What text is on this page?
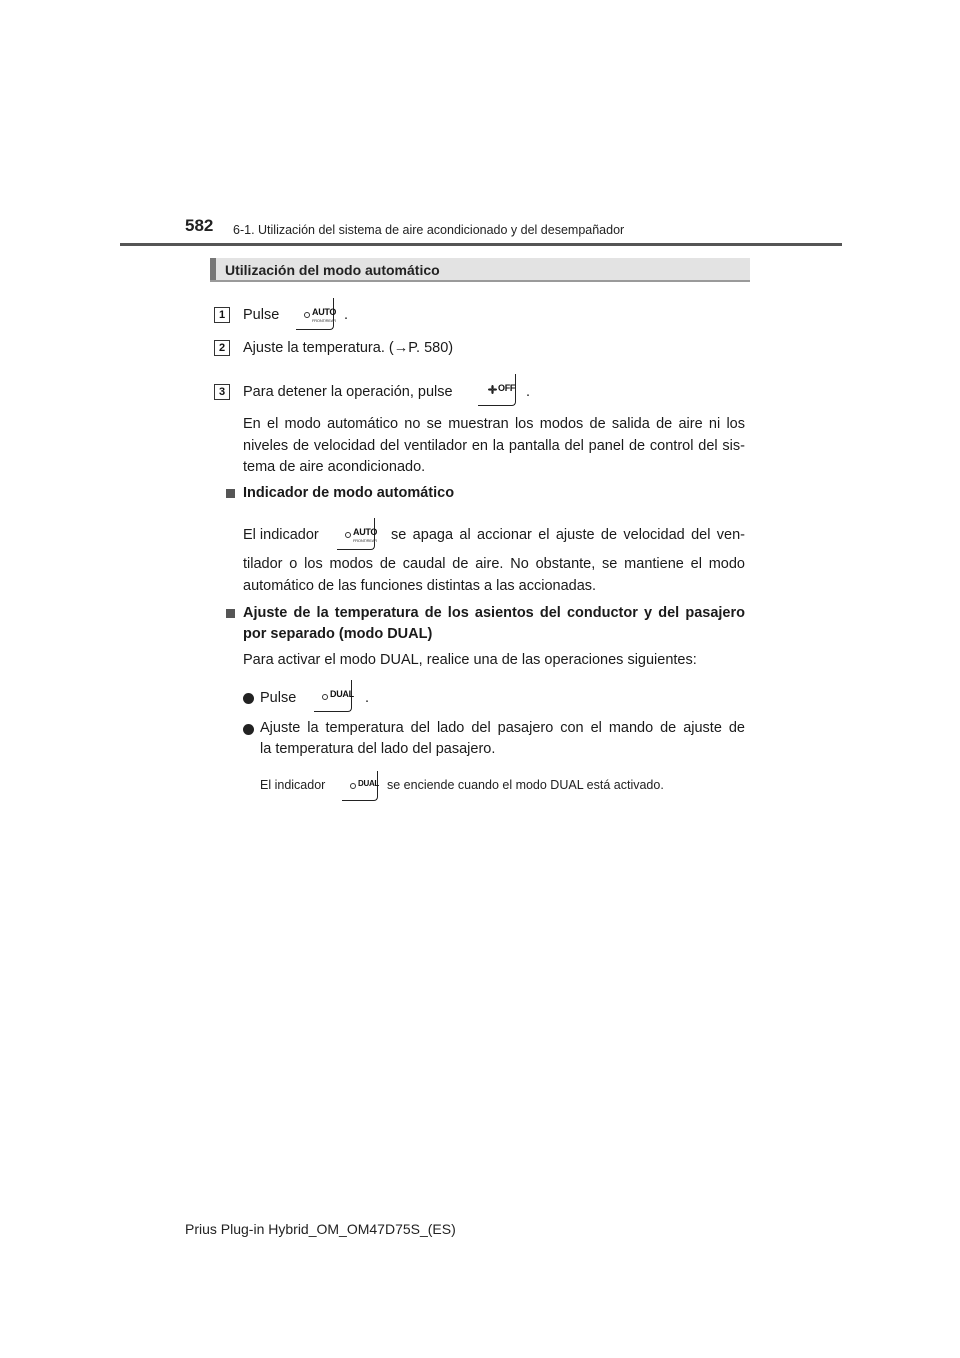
582 6-1. Utilización del sistema de aire acondicionado y del desempañador
Utilización del modo automático
1	Pulse	AUTO
FRONT/REAR .
2	Ajuste la temperatura. (→P. 580)
3	Para detener la operación, pulse	OFF .
En el modo automático no se muestran los modos de salida de aire ni los
niveles de velocidad del ventilador en la pantalla del panel de control del sis-
tema de aire acondicionado.
Indicador de modo automático
El indicador	AUTO
FRONT/REAR se apaga al accionar el ajuste de velocidad del ven-
tilador o los modos de caudal de aire. No obstante, se mantiene el modo
automático de las funciones distintas a las accionadas.
Ajuste de la temperatura de los asientos del conductor y del pasajero
por separado (modo DUAL)
Para activar el modo DUAL, realice una de las operaciones siguientes:
Pulse	DUAL .
Ajuste la temperatura del lado del pasajero con el mando de ajuste de
la temperatura del lado del pasajero.
El indicador	DUAL se enciende cuando el modo DUAL está activado.
Prius Plug-in Hybrid_OM_OM47D75S_(ES)
